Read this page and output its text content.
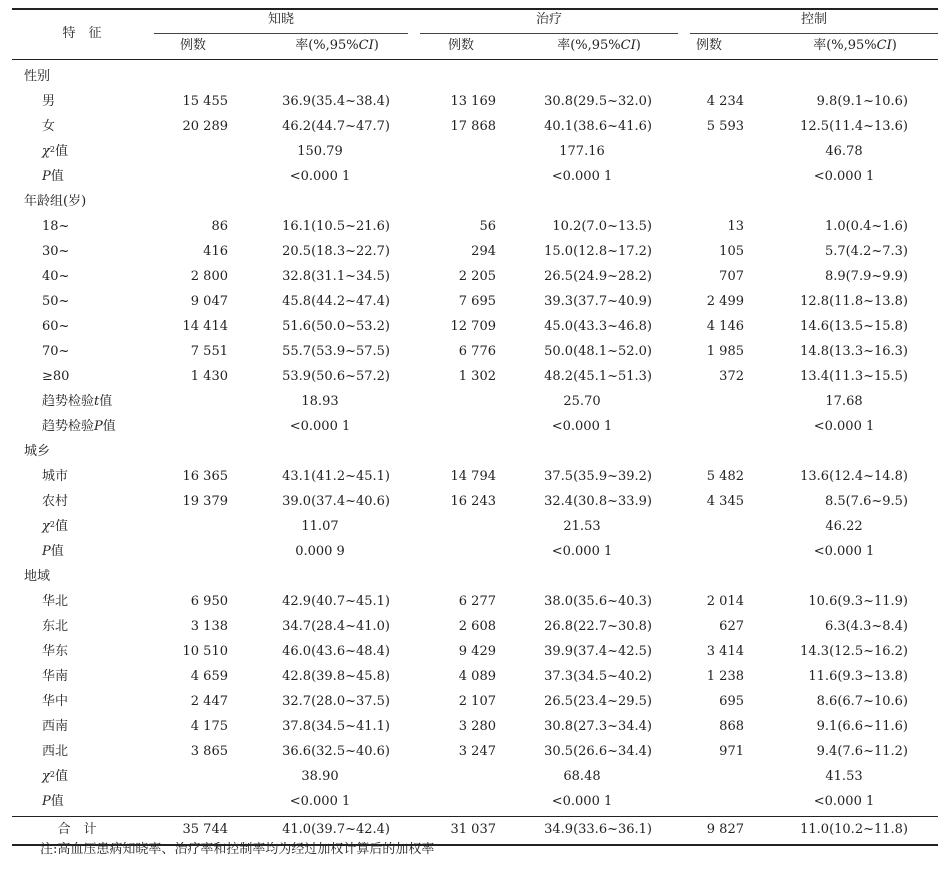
特　征
知晓
例数	率(%,95%CI)
治疗
例数	率(%,95%CI)
控制
例数	率(%,95%CI)
性别
男	15 455	36.9(35.4~38.4)	13 169	30.8(29.5~32.0)	4 234	9.8(9.1~10.6)
女	20 289	46.2(44.7~47.7)	17 868	40.1(38.6~41.6)	5 593	12.5(11.4~13.6)
$\chi^2$值	150.79	177.16	46.78
P值	<0.000 1	<0.000 1	<0.000 1
年龄组(岁)
18~	86	16.1(10.5~21.6)	56	10.2(7.0~13.5)	13	1.0(0.4~1.6)
30~	416	20.5(18.3~22.7)	294	15.0(12.8~17.2)	105	5.7(4.2~7.3)
40~	2 800	32.8(31.1~34.5)	2 205	26.5(24.9~28.2)	707	8.9(7.9~9.9)
50~	9 047	45.8(44.2~47.4)	7 695	39.3(37.7~40.9)	2 499	12.8(11.8~13.8)
60~	14 414	51.6(50.0~53.2)	12 709	45.0(43.3~46.8)	4 146	14.6(13.5~15.8)
70~	7 551	55.7(53.9~57.5)	6 776	50.0(48.1~52.0)	1 985	14.8(13.3~16.3)
≥80	1 430	53.9(50.6~57.2)	1 302	48.2(45.1~51.3)	372	13.4(11.3~15.5)
趋势检验t值	18.93	25.70	17.68
趋势检验P值	<0.000 1	<0.000 1	<0.000 1
城乡
城市	16 365	43.1(41.2~45.1)	14 794	37.5(35.9~39.2)	5 482	13.6(12.4~14.8)
农村	19 379	39.0(37.4~40.6)	16 243	32.4(30.8~33.9)	4 345	8.5(7.6~9.5)
$\chi^2$值	11.07	21.53	46.22
P值	0.000 9	<0.000 1	<0.000 1
地域
华北	6 950	42.9(40.7~45.1)	6 277	38.0(35.6~40.3)	2 014	10.6(9.3~11.9)
东北	3 138	34.7(28.4~41.0)	2 608	26.8(22.7~30.8)	627	6.3(4.3~8.4)
华东	10 510	46.0(43.6~48.4)	9 429	39.9(37.4~42.5)	3 414	14.3(12.5~16.2)
华南	4 659	42.8(39.8~45.8)	4 089	37.3(34.5~40.2)	1 238	11.6(9.3~13.8)
华中	2 447	32.7(28.0~37.5)	2 107	26.5(23.4~29.5)	695	8.6(6.7~10.6)
西南	4 175	37.8(34.5~41.1)	3 280	30.8(27.3~34.4)	868	9.1(6.6~11.6)
西北	3 865	36.6(32.5~40.6)	3 247	30.5(26.6~34.4)	971	9.4(7.6~11.2)
$\chi^2$值	38.90	68.48	41.53
P值	<0.000 1	<0.000 1	<0.000 1
合　计	35 744	41.0(39.7~42.4)	31 037	34.9(33.6~36.1)	9 827	11.0(10.2~11.8)
注:高血压患病知晓率、治疗率和控制率均为经过加权计算后的加权率
